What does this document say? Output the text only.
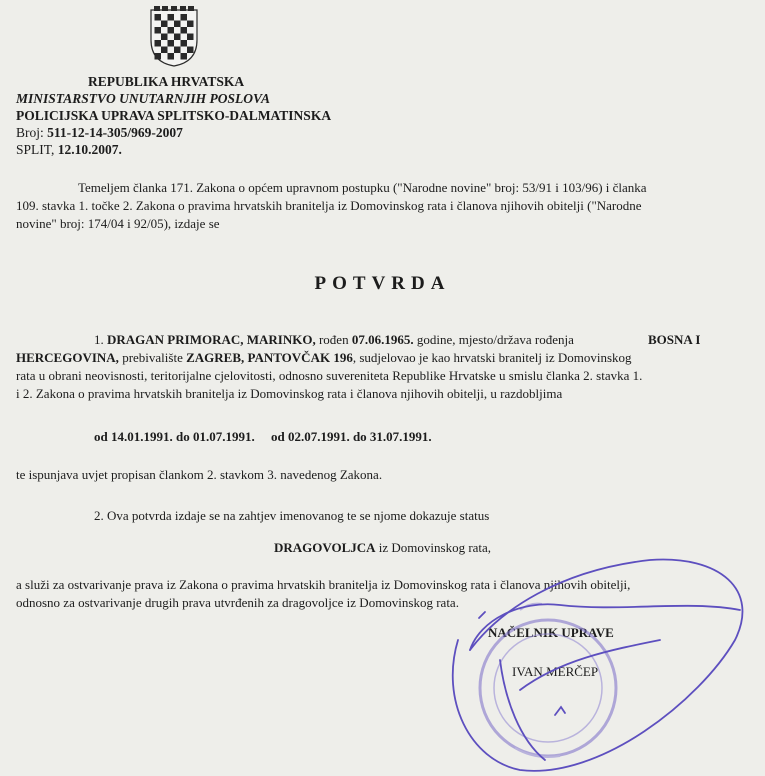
REPUBLIKA HRVATSKA

MINISTARSTVO UNUTARNJIH POSLOVA

POLICIJSKA UPRAVA SPLITSKO-DALMATINSKA

Broj: 511-12-14-305/969-2007

SPLIT, 12.10.2007.

Temeljem članka 171. Zakona o općem upravnom postupku ("Narodne novine" broj: 53/91 i 103/96) i članka

109. stavka 1. točke 2. Zakona o pravima hrvatskih branitelja iz Domovinskog rata i članova njihovih obitelji ("Narodne

novine" broj: 174/04 i 92/05), izdaje se

POTVRDA

1. DRAGAN PRIMORAC, MARINKO, rođen 07.06.1965. godine, mjesto/država rođenja	BOSNA I

HERCEGOVINA, prebivalište ZAGREB, PANTOVČAK 196, sudjelovao je kao hrvatski branitelj iz Domovinskog

rata u obrani neovisnosti, teritorijalne cjelovitosti, odnosno suvereniteta Republike Hrvatske u smislu članka 2. stavka 1.

i 2. Zakona o pravima hrvatskih branitelja iz Domovinskog rata i članova njihovih obitelji, u razdobljima

od 14.01.1991. do 01.07.1991.     od 02.07.1991. do 31.07.1991.

te ispunjava uvjet propisan člankom 2. stavkom 3. navedenog Zakona.

2. Ova potvrda izdaje se na zahtjev imenovanog te se njome dokazuje status

DRAGOVOLJCA iz Domovinskog rata,

a služi za ostvarivanje prava iz Zakona o pravima hrvatskih branitelja iz Domovinskog rata i članova njihovih obitelji,

odnosno za ostvarivanje drugih prava utvrđenih za dragovoljce iz Domovinskog rata.

NAČELNIK UPRAVE

IVAN MERČEP
